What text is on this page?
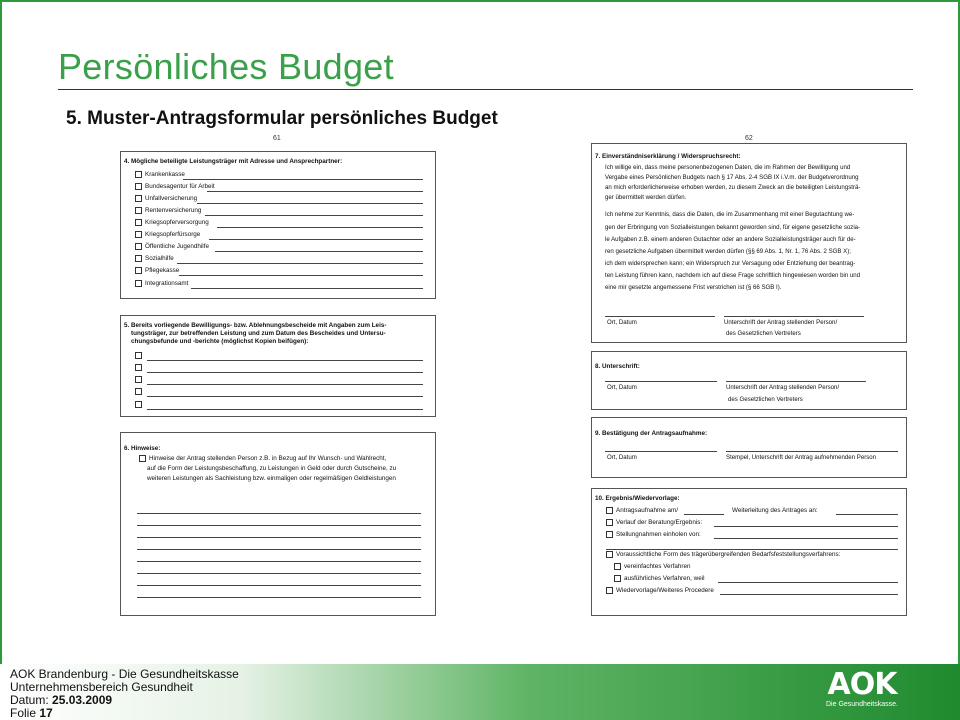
Persönliches Budget
5. Muster-Antragsformular persönliches Budget
61
4. Mögliche beteiligte Leistungsträger mit Adresse und Ansprechpartner:
Krankenkasse
Bundesagentur für Arbeit
Unfallversicherung
Rentenversicherung
Kriegsopferversorgung
Kriegsopferfürsorge
Öffentliche Jugendhilfe
Sozialhilfe
Pflegekasse
Integrationsamt
5. Bereits vorliegende Bewilligungs- bzw. Ablehnungsbescheide mit Angaben zum Leis-
tungsträger, zur betreffenden Leistung und zum Datum des Bescheides und Untersu-
chungsbefunde und -berichte (möglichst Kopien beifügen):
6. Hinweise:
Hinweise der Antrag stellenden Person z.B. in Bezug auf Ihr Wunsch- und Wahlrecht,
auf die Form der Leistungsbeschaffung, zu Leistungen in Geld oder durch Gutscheine, zu
weiteren Leistungen als Sachleistung bzw. einmaligen oder regelmäßigen Geldleistungen
62
7. Einverständniserklärung / Widerspruchsrecht:
Ich willige ein, dass meine personenbezogenen Daten, die im Rahmen der Bewilligung und
Vergabe eines Persönlichen Budgets nach § 17 Abs. 2-4 SGB IX i.V.m. der Budgetverordnung
an mich erforderlicherweise erhoben werden, zu diesem Zweck an die beteiligten Leistungsträ-
ger übermittelt werden dürfen.
Ich nehme zur Kenntnis, dass die Daten, die im Zusammenhang mit einer Begutachtung we-
gen der Erbringung von Sozialleistungen bekannt geworden sind, für eigene gesetzliche sozia-
le Aufgaben z.B. einem anderen Gutachter oder an andere Sozialleistungsträger auch für de-
ren gesetzliche Aufgaben übermittelt werden dürfen (§§ 69 Abs. 1, Nr. 1, 76 Abs. 2 SGB X);
ich dem widersprechen kann; ein Widerspruch zur Versagung oder Entziehung der beantrag-
ten Leistung führen kann, nachdem ich auf diese Frage schriftlich hingewiesen worden bin und
eine mir gesetzte angemessene Frist verstrichen ist (§ 66 SGB I).
Ort, Datum	Unterschrift der Antrag stellenden Person/
des Gesetzlichen Vertreters
8. Unterschrift:
Ort, Datum	Unterschrift der Antrag stellenden Person/
des Gesetzlichen Vertreters
9. Bestätigung der Antragsaufnahme:
Ort, Datum	Stempel, Unterschrift der Antrag aufnehmenden Person
10. Ergebnis/Wiedervorlage:
Antragsaufnahme am/	Weiterleitung des Antrages an:
Verlauf der Beratung/Ergebnis:
Stellungnahmen einholen von:
Voraussichtliche Form des trägerübergreifenden Bedarfsfeststellungsverfahrens:
vereinfachtes Verfahren
ausführliches Verfahren, weil
Wiedervorlage/Weiteres Procedere
AOK Brandenburg - Die Gesundheitskasse
Unternehmensbereich Gesundheit
Datum: 25.03.2009
Folie 17
AOK
Die Gesundheitskasse.
